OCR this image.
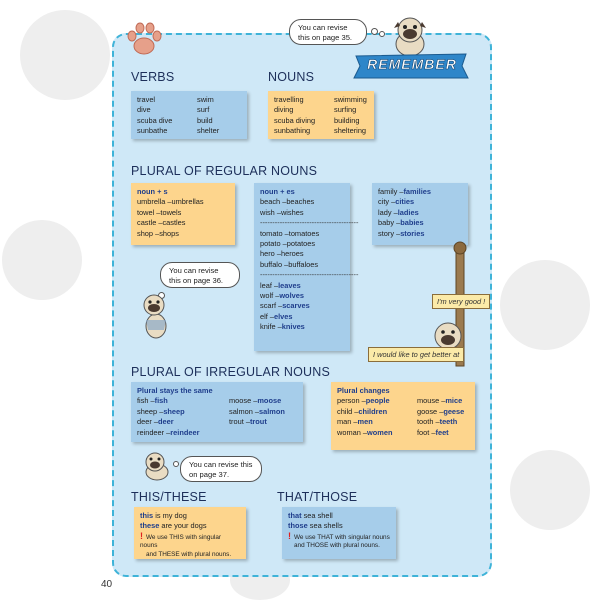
You can revise this on page 35.
REMEMBER
VERBS
travel
dive
scuba dive
sunbathe
swim
surf
build
shelter
NOUNS
travelling
diving
scuba diving
sunbathing
swimming
surfing
building
sheltering
PLURAL OF REGULAR NOUNS
noun + s
umbrella – umbrellas
towel – towels
castle – castles
shop – shops
noun + es
beach – beaches
wish – wishes
----------------------------------------
tomato – tomatoes
potato – potatoes
hero – heroes
buffalo – buffaloes
----------------------------------------
leaf – leaves
wolf – wolves
scarf – scarves
elf – elves
knife – knives
family – families
city – cities
lady – ladies
baby – babies
story – stories
You can revise this on page 36.
I'm very good !
I would like to get better at
PLURAL OF IRREGULAR NOUNS
Plural stays the same
fish – fish
sheep – sheep
deer – deer
reindeer – reindeer
moose – moose
salmon – salmon
trout – trout
Plural changes
person – people
child – children
man – men
woman – women
mouse – mice
goose – geese
tooth – teeth
foot – feet
You can revise this on page 37.
THIS/THESE
this is my dog
these are your dogs
! We use THIS with singular nouns
and THESE with plural nouns.
THAT/THOSE
that sea shell
those sea shells
! We use THAT with singular nouns
and THOSE with plural nouns.
40
